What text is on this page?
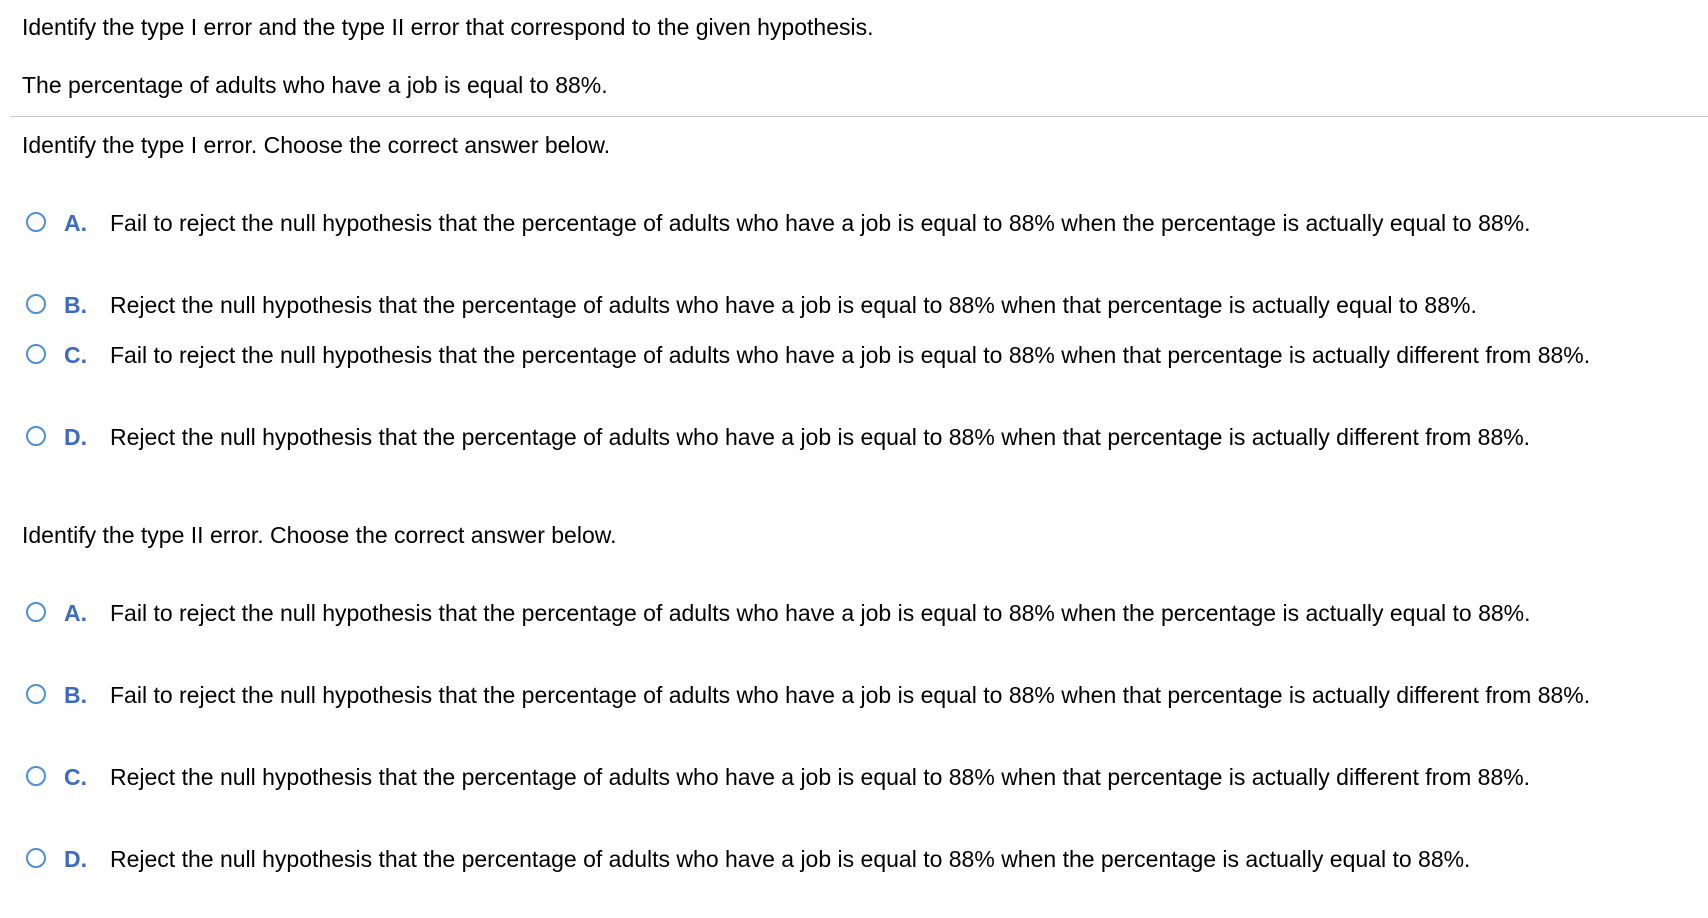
Identify the type I error and the type II error that correspond to the given hypothesis.
The percentage of adults who have a job is equal to 88%.
Identify the type I error. Choose the correct answer below.
A. Fail to reject the null hypothesis that the percentage of adults who have a job is equal to 88% when the percentage is actually equal to 88%.
B. Reject the null hypothesis that the percentage of adults who have a job is equal to 88% when that percentage is actually equal to 88%.
C. Fail to reject the null hypothesis that the percentage of adults who have a job is equal to 88% when that percentage is actually different from 88%.
D. Reject the null hypothesis that the percentage of adults who have a job is equal to 88% when that percentage is actually different from 88%.
Identify the type II error. Choose the correct answer below.
A. Fail to reject the null hypothesis that the percentage of adults who have a job is equal to 88% when the percentage is actually equal to 88%.
B. Fail to reject the null hypothesis that the percentage of adults who have a job is equal to 88% when that percentage is actually different from 88%.
C. Reject the null hypothesis that the percentage of adults who have a job is equal to 88% when that percentage is actually different from 88%.
D. Reject the null hypothesis that the percentage of adults who have a job is equal to 88% when the percentage is actually equal to 88%.
